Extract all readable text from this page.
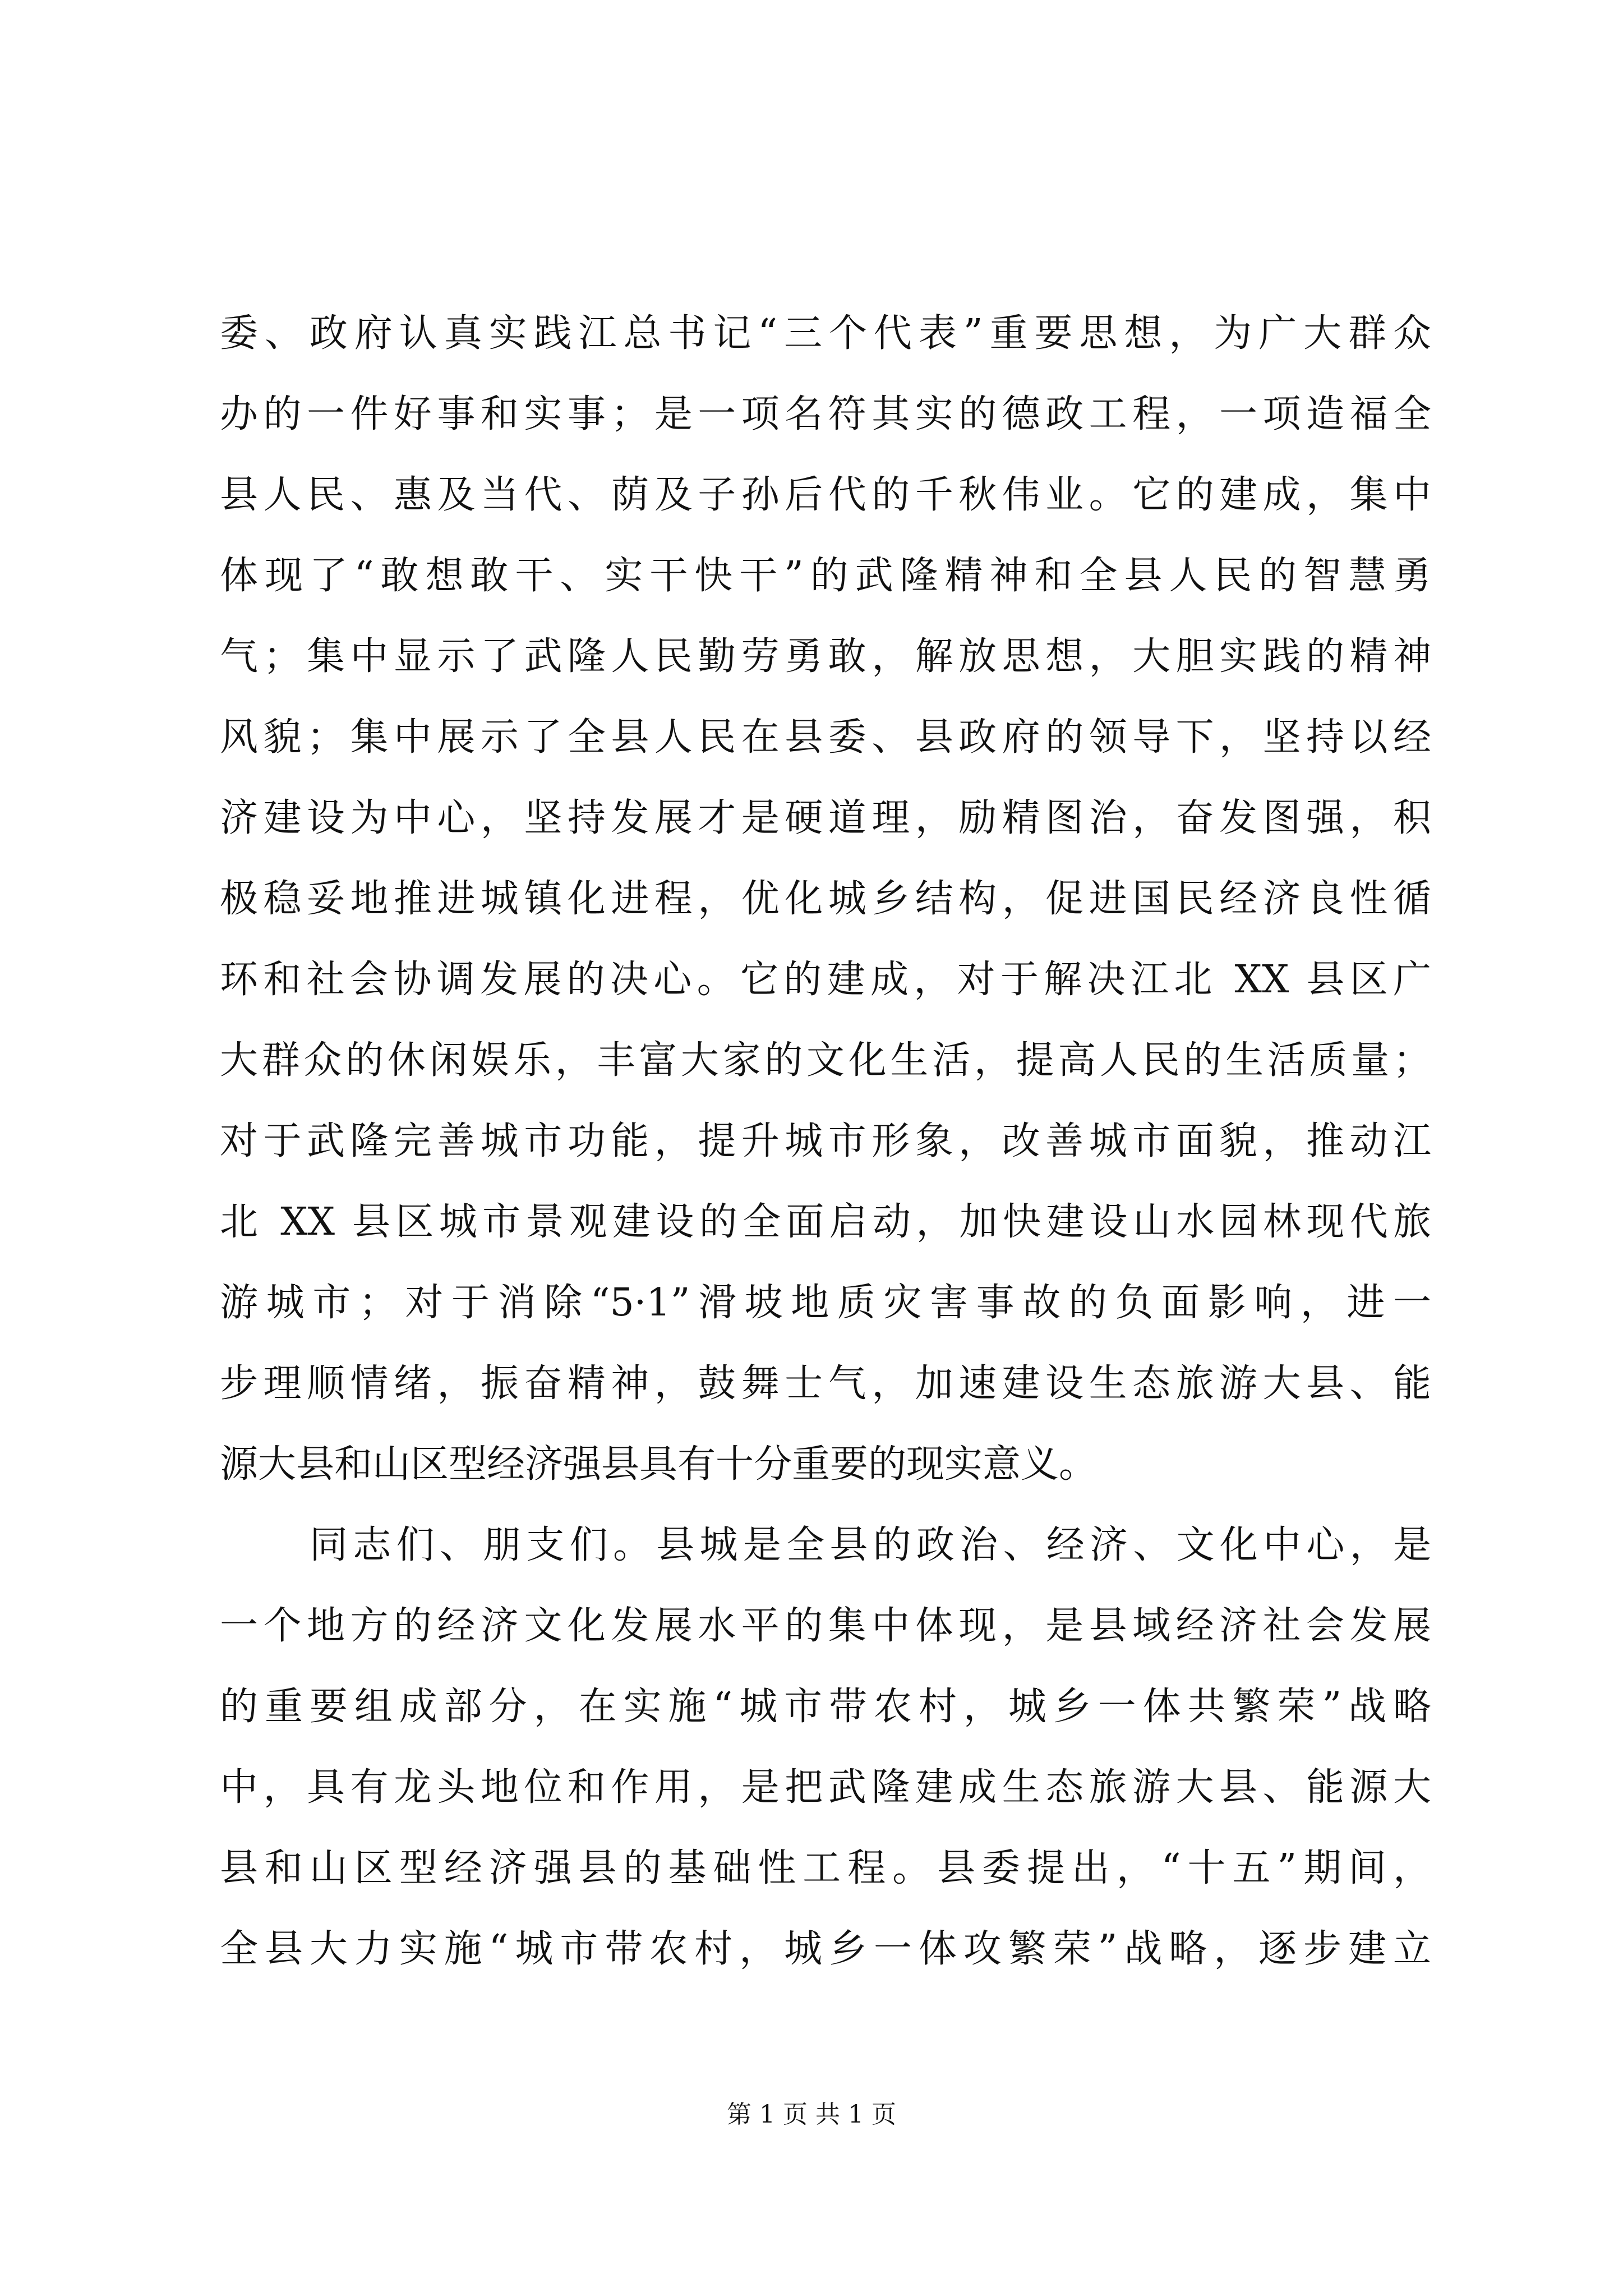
委、政府认真实践江总书记“三个代表”重要思想，为广大群众
办的一件好事和实事；是一项名符其实的德政工程，一项造福全
县人民、惠及当代、荫及子孙后代的千秋伟业。它的建成，集中
体现了“敢想敢干、实干快干”的武隆精神和全县人民的智慧勇
气；集中显示了武隆人民勤劳勇敢，解放思想，大胆实践的精神
风貌；集中展示了全县人民在县委、县政府的领导下，坚持以经
济建设为中心，坚持发展才是硬道理，励精图治，奋发图强，积
极稳妥地推进城镇化进程，优化城乡结构，促进国民经济良性循
环和社会协调发展的决心。它的建成，对于解决江北 XX 县区广
大群众的休闲娱乐，丰富大家的文化生活，提高人民的生活质量；
对于武隆完善城市功能，提升城市形象，改善城市面貌，推动江
北 XX 县区城市景观建设的全面启动，加快建设山水园林现代旅
游城市；对于消除“5·1”滑坡地质灾害事故的负面影响，进一
步理顺情绪，振奋精神，鼓舞士气，加速建设生态旅游大县、能
源大县和山区型经济强县具有十分重要的现实意义。
同志们、朋支们。县城是全县的政治、经济、文化中心，是
一个地方的经济文化发展水平的集中体现，是县域经济社会发展
的重要组成部分，在实施“城市带农村，城乡一体共繁荣”战略
中，具有龙头地位和作用，是把武隆建成生态旅游大县、能源大
县和山区型经济强县的基础性工程。县委提出，“十五”期间，
全县大力实施“城市带农村，城乡一体攻繁荣”战略，逐步建立
第 1 页 共 1 页
